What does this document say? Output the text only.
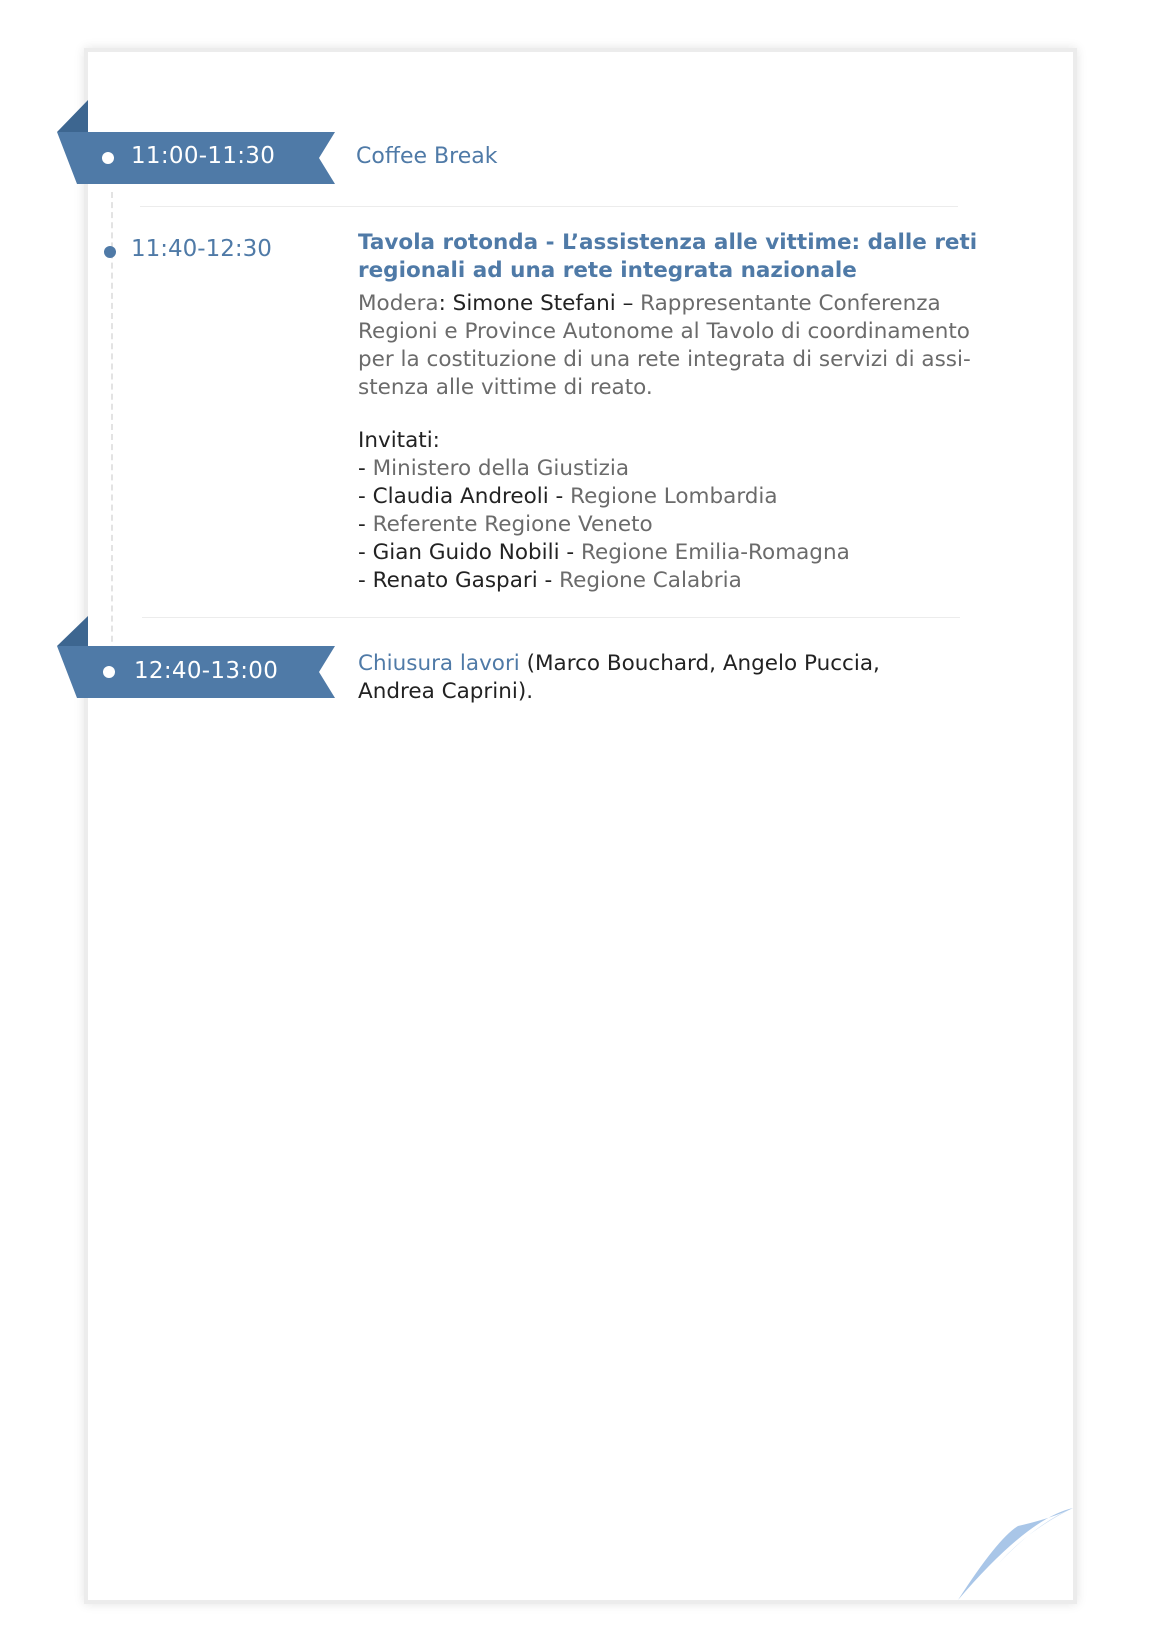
11:00-11:30	Coffee Break
11:40-12:30	Tavola rotonda - L’assistenza alle vittime: dalle reti regionali ad una rete integrata nazionale

Modera: Simone Stefani – Rappresentante Conferenza Regioni e Province Autonome al Tavolo di coordinamento per la costituzione di una rete integrata di servizi di assi-stenza alle vittime di reato.

Invitati:

- Ministero della Giustizia

- Claudia Andreoli - Regione Lombardia

- Referente Regione Veneto

- Gian Guido Nobili - Regione Emilia-Romagna

- Renato Gaspari - Regione Calabria

12:40-13:00	Chiusura lavori (Marco Bouchard, Angelo Puccia, Andrea Caprini).
